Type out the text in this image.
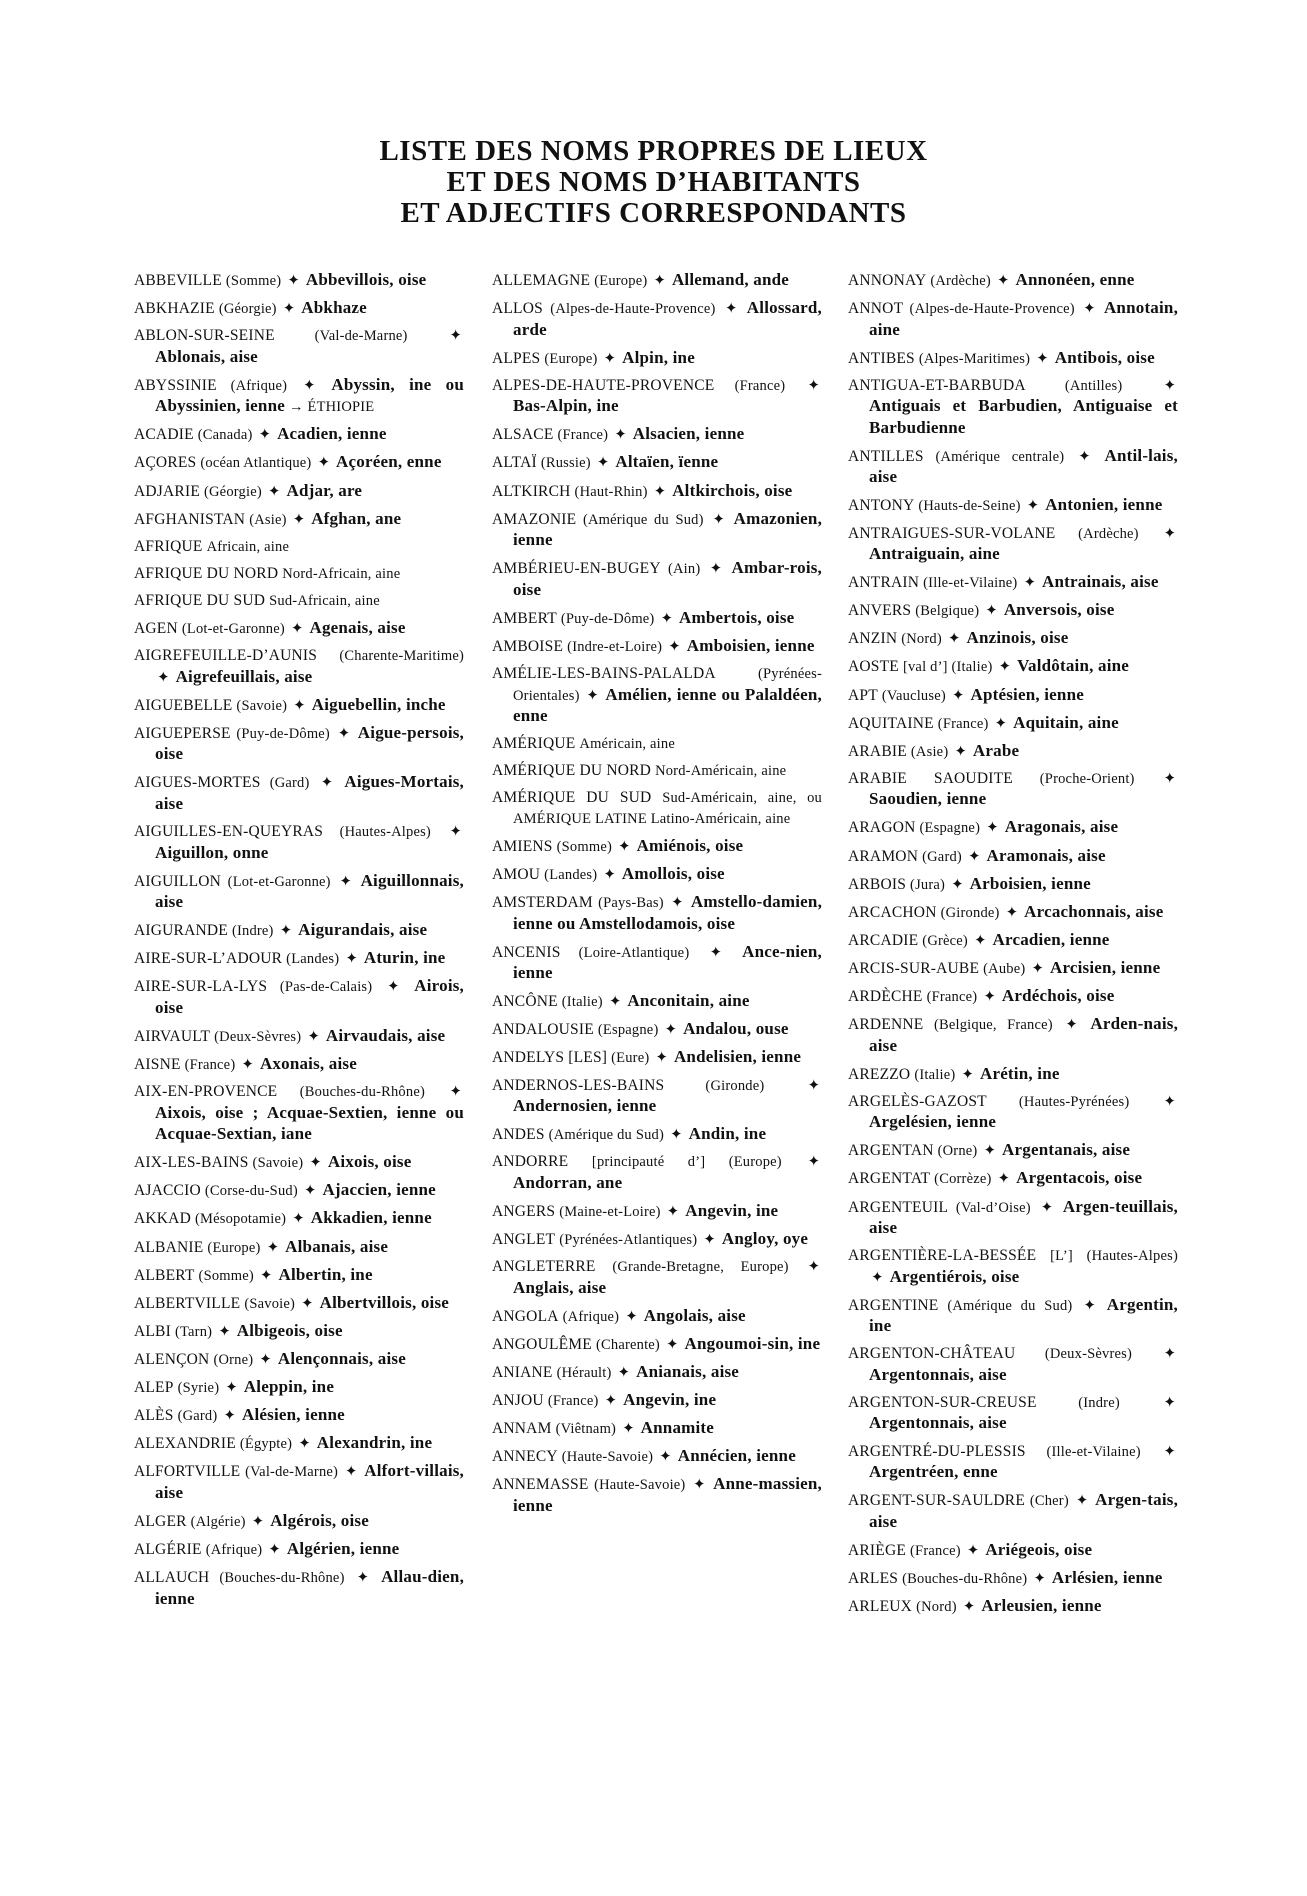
LISTE DES NOMS PROPRES DE LIEUX
ET DES NOMS D’HABITANTS
ET ADJECTIFS CORRESPONDANTS
ABBEVILLE (Somme) ✦ Abbevillois, oise
ABKHAZIE (Géorgie) ✦ Abkhaze
ABLON-SUR-SEINE	(Val-de-Marne)	✦ Ablonais, aise
ABYSSINIE (Afrique) ✦ Abyssin, ine ou Abyssinien, ienne → ÉTHIOPIE
ACADIE (Canada) ✦ Acadien, ienne
AÇORES (océan Atlantique) ✦ Açoréen, enne
ADJARIE (Géorgie) ✦ Adjar, are
AFGHANISTAN (Asie) ✦ Afghan, ane
AFRIQUE Africain, aine
AFRIQUE DU NORD Nord-Africain, aine
AFRIQUE DU SUD Sud-Africain, aine
AGEN (Lot-et-Garonne) ✦ Agenais, aise
AIGREFEUILLE-D’AUNIS (Charente-Maritime) ✦ Aigrefeuillais, aise
AIGUEBELLE (Savoie) ✦ Aiguebellin, inche
AIGUEPERSE (Puy-de-Dôme) ✦ Aigue-persois, oise
AIGUES-MORTES (Gard) ✦ Aigues-Mortais, aise
AIGUILLES-EN-QUEYRAS (Hautes-Alpes) ✦ Aiguillon, onne
AIGUILLON (Lot-et-Garonne) ✦ Aiguillonnais, aise
AIGURANDE (Indre) ✦ Aigurandais, aise
AIRE-SUR-L’ADOUR (Landes) ✦ Aturin, ine
AIRE-SUR-LA-LYS (Pas-de-Calais) ✦ Airois, oise
AIRVAULT (Deux-Sèvres) ✦ Airvaudais, aise
AISNE (France) ✦ Axonais, aise
AIX-EN-PROVENCE (Bouches-du-Rhône) ✦ Aixois, oise ; Acquae-Sextien, ienne ou Acquae-Sextian, iane
AIX-LES-BAINS (Savoie) ✦ Aixois, oise
AJACCIO (Corse-du-Sud) ✦ Ajaccien, ienne
AKKAD (Mésopotamie) ✦ Akkadien, ienne
ALBANIE (Europe) ✦ Albanais, aise
ALBERT (Somme) ✦ Albertin, ine
ALBERTVILLE (Savoie) ✦ Albertvillois, oise
ALBI (Tarn) ✦ Albigeois, oise
ALENÇON (Orne) ✦ Alençonnais, aise
ALEP (Syrie) ✦ Aleppin, ine
ALÈS (Gard) ✦ Alésien, ienne
ALEXANDRIE (Égypte) ✦ Alexandrin, ine
ALFORTVILLE (Val-de-Marne) ✦ Alfort-villais, aise
ALGER (Algérie) ✦ Algérois, oise
ALGÉRIE (Afrique) ✦ Algérien, ienne
ALLAUCH (Bouches-du-Rhône) ✦ Allau-dien, ienne
ALLEMAGNE (Europe) ✦ Allemand, ande
ALLOS (Alpes-de-Haute-Provence) ✦ Allossard, arde
ALPES (Europe) ✦ Alpin, ine
ALPES-DE-HAUTE-PROVENCE (France) ✦ Bas-Alpin, ine
ALSACE (France) ✦ Alsacien, ienne
ALTAÏ (Russie) ✦ Altaïen, ïenne
ALTKIRCH (Haut-Rhin) ✦ Altkirchois, oise
AMAZONIE (Amérique du Sud) ✦ Amazonien, ienne
AMBÉRIEU-EN-BUGEY (Ain) ✦ Ambar-rois, oise
AMBERT (Puy-de-Dôme) ✦ Ambertois, oise
AMBOISE (Indre-et-Loire) ✦ Amboisien, ienne
AMÉLIE-LES-BAINS-PALALDA	(Pyrénées-Orientales) ✦ Amélien, ienne ou Palaldéen, enne
AMÉRIQUE Américain, aine
AMÉRIQUE DU NORD Nord-Américain, aine
AMÉRIQUE DU SUD Sud-Américain, aine, ou AMÉRIQUE LATINE Latino-Américain, aine
AMIENS (Somme) ✦ Amiénois, oise
AMOU (Landes) ✦ Amollois, oise
AMSTERDAM (Pays-Bas) ✦ Amstello-damien, ienne ou Amstellodamois, oise
ANCENIS (Loire-Atlantique) ✦ Ance-nien, ienne
ANCÔNE (Italie) ✦ Anconitain, aine
ANDALOUSIE (Espagne) ✦ Andalou, ouse
ANDELYS [LES] (Eure) ✦ Andelisien, ienne
ANDERNOS-LES-BAINS	(Gironde)	✦ Andernosien, ienne
ANDES (Amérique du Sud) ✦ Andin, ine
ANDORRE [principauté d’] (Europe) ✦ Andorran, ane
ANGERS (Maine-et-Loire) ✦ Angevin, ine
ANGLET (Pyrénées-Atlantiques) ✦ Angloy, oye
ANGLETERRE (Grande-Bretagne, Europe) ✦ Anglais, aise
ANGOLA (Afrique) ✦ Angolais, aise
ANGOULÊME (Charente) ✦ Angoumoi-sin, ine
ANIANE (Hérault) ✦ Anianais, aise
ANJOU (France) ✦ Angevin, ine
ANNAM (Viêtnam) ✦ Annamite
ANNECY (Haute-Savoie) ✦ Annécien, ienne
ANNEMASSE (Haute-Savoie) ✦ Anne-massien, ienne
ANNONAY (Ardèche) ✦ Annonéen, enne
ANNOT (Alpes-de-Haute-Provence) ✦ Annotain, aine
ANTIBES (Alpes-Maritimes) ✦ Antibois, oise
ANTIGUA-ET-BARBUDA	(Antilles)	✦ Antiguais et Barbudien, Antiguaise et Barbudienne
ANTILLES (Amérique centrale) ✦ Antil-lais, aise
ANTONY (Hauts-de-Seine) ✦ Antonien, ienne
ANTRAIGUES-SUR-VOLANE (Ardèche) ✦ Antraiguain, aine
ANTRAIN (Ille-et-Vilaine) ✦ Antrainais, aise
ANVERS (Belgique) ✦ Anversois, oise
ANZIN (Nord) ✦ Anzinois, oise
AOSTE [val d’] (Italie) ✦ Valdôtain, aine
APT (Vaucluse) ✦ Aptésien, ienne
AQUITAINE (France) ✦ Aquitain, aine
ARABIE (Asie) ✦ Arabe
ARABIE SAOUDITE (Proche-Orient) ✦ Saoudien, ienne
ARAGON (Espagne) ✦ Aragonais, aise
ARAMON (Gard) ✦ Aramonais, aise
ARBOIS (Jura) ✦ Arboisien, ienne
ARCACHON (Gironde) ✦ Arcachonnais, aise
ARCADIE (Grèce) ✦ Arcadien, ienne
ARCIS-SUR-AUBE (Aube) ✦ Arcisien, ienne
ARDÈCHE (France) ✦ Ardéchois, oise
ARDENNE (Belgique, France) ✦ Arden-nais, aise
AREZZO (Italie) ✦ Arétin, ine
ARGELÈS-GAZOST (Hautes-Pyrénées) ✦ Argelésien, ienne
ARGENTAN (Orne) ✦ Argentanais, aise
ARGENTAT (Corrèze) ✦ Argentacois, oise
ARGENTEUIL (Val-d’Oise) ✦ Argen-teuillais, aise
ARGENTIÈRE-LA-BESSÉE [L’] (Hautes-Alpes) ✦ Argentiérois, oise
ARGENTINE (Amérique du Sud) ✦ Argentin, ine
ARGENTON-CHÂTEAU (Deux-Sèvres) ✦ Argentonnais, aise
ARGENTON-SUR-CREUSE	(Indre)	✦ Argentonnais, aise
ARGENTRÉ-DU-PLESSIS (Ille-et-Vilaine) ✦ Argentréen, enne
ARGENT-SUR-SAULDRE (Cher) ✦ Argen-tais, aise
ARIÈGE (France) ✦ Ariégeois, oise
ARLES (Bouches-du-Rhône) ✦ Arlésien, ienne
ARLEUX (Nord) ✦ Arleusien, ienne
